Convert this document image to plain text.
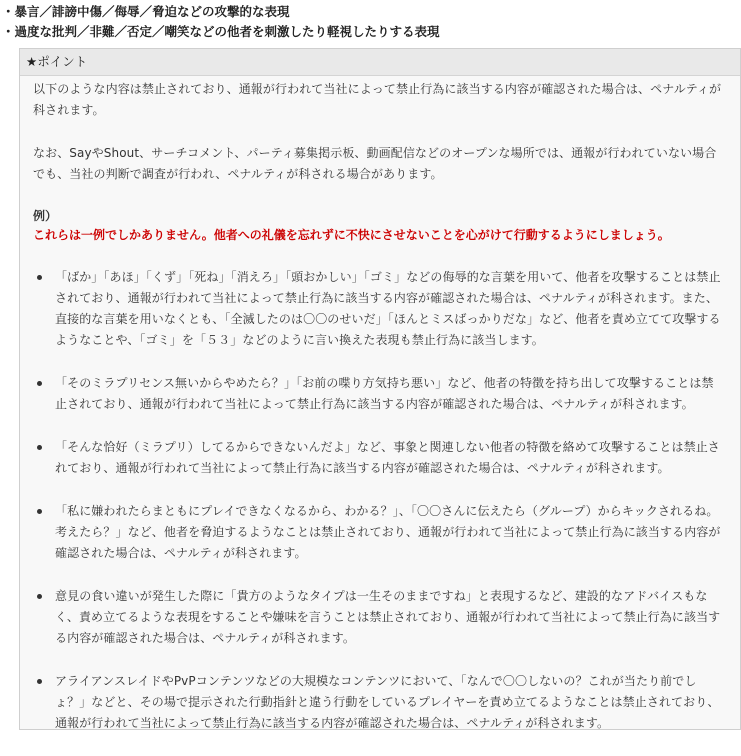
・暴言／誹謗中傷／侮辱／脅迫などの攻撃的な表現
・過度な批判／非難／否定／嘲笑などの他者を刺激したり軽視したりする表現
★ポイント

以下のような内容は禁止されており、通報が行われて当社によって禁止行為に該当する内容が確認された場合は、ペナルティが科されます。

なお、SayやShout、サーチコメント、パーティ募集掲示板、動画配信などのオープンな場所では、通報が行われていない場合でも、当社の判断で調査が行われ、ペナルティが科される場合があります。

例）
これらは一例でしかありません。他者への礼儀を忘れずに不快にさせないことを心がけて行動するようにしましょう。
「ばか」「あほ」「くず」「死ね」「消えろ」「頭おかしい」「ゴミ」などの侮辱的な言葉を用いて、他者を攻撃することは禁止されており、通報が行われて当社によって禁止行為に該当する内容が確認された場合は、ペナルティが科されます。また、直接的な言葉を用いなくとも、「全滅したのは〇〇のせいだ」「ほんとミスばっかりだな」など、他者を責め立てて攻撃するようなことや、「ゴミ」を「５３」などのように言い換えた表現も禁止行為に該当します。
「そのミラプリセンス無いからやめたら？」「お前の喋り方気持ち悪い」など、他者の特徴を持ち出して攻撃することは禁止されており、通報が行われて当社によって禁止行為に該当する内容が確認された場合は、ペナルティが科されます。
「そんな恰好（ミラプリ）してるからできないんだよ」など、事象と関連しない他者の特徴を絡めて攻撃することは禁止されており、通報が行われて当社によって禁止行為に該当する内容が確認された場合は、ペナルティが科されます。
「私に嫌われたらまともにプレイできなくなるから、わかる？」、「〇〇さんに伝えたら（グループ）からキックされるね。考えたら？」など、他者を脅迫するようなことは禁止されており、通報が行われて当社によって禁止行為に該当する内容が確認された場合は、ペナルティが科されます。
意見の食い違いが発生した際に「貴方のようなタイプは一生そのままですね」と表現するなど、建設的なアドバイスもなく、責め立てるような表現をすることや嫌味を言うことは禁止されており、通報が行われて当社によって禁止行為に該当する内容が確認された場合は、ペナルティが科されます。
アライアンスレイドやPvPコンテンツなどの大規模なコンテンツにおいて、「なんで〇〇しないの？これが当たり前でしょ？」などと、その場で提示された行動指針と違う行動をしているプレイヤーを責め立てるようなことは禁止されており、通報が行われて当社によって禁止行為に該当する内容が確認された場合は、ペナルティが科されます。
